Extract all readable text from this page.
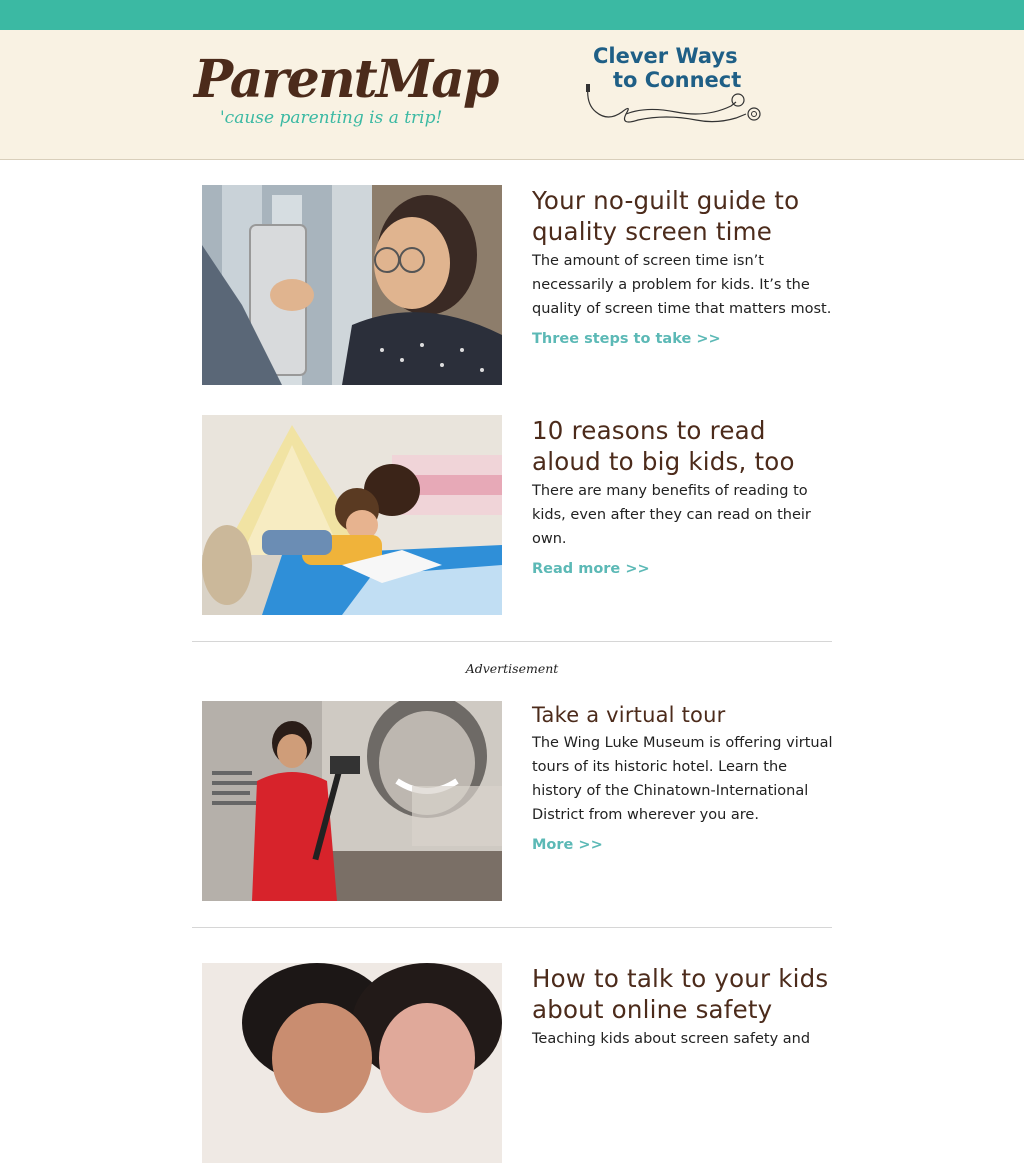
ParentMap
'cause parenting is a trip!
Clever Ways
to Connect
Your no-guilt guide to quality screen time

The amount of screen time isn’t necessarily a problem for kids. It’s the quality of screen time that matters most.

Three steps to take >>
10 reasons to read aloud to big kids, too

There are many benefits of reading to kids, even after they can read on their own.

Read more >>
Advertisement
Take a virtual tour

The Wing Luke Museum is offering virtual tours of its historic hotel. Learn the history of the Chinatown-International District from wherever you are.

More >>
How to talk to your kids about online safety

Teaching kids about screen safety and
